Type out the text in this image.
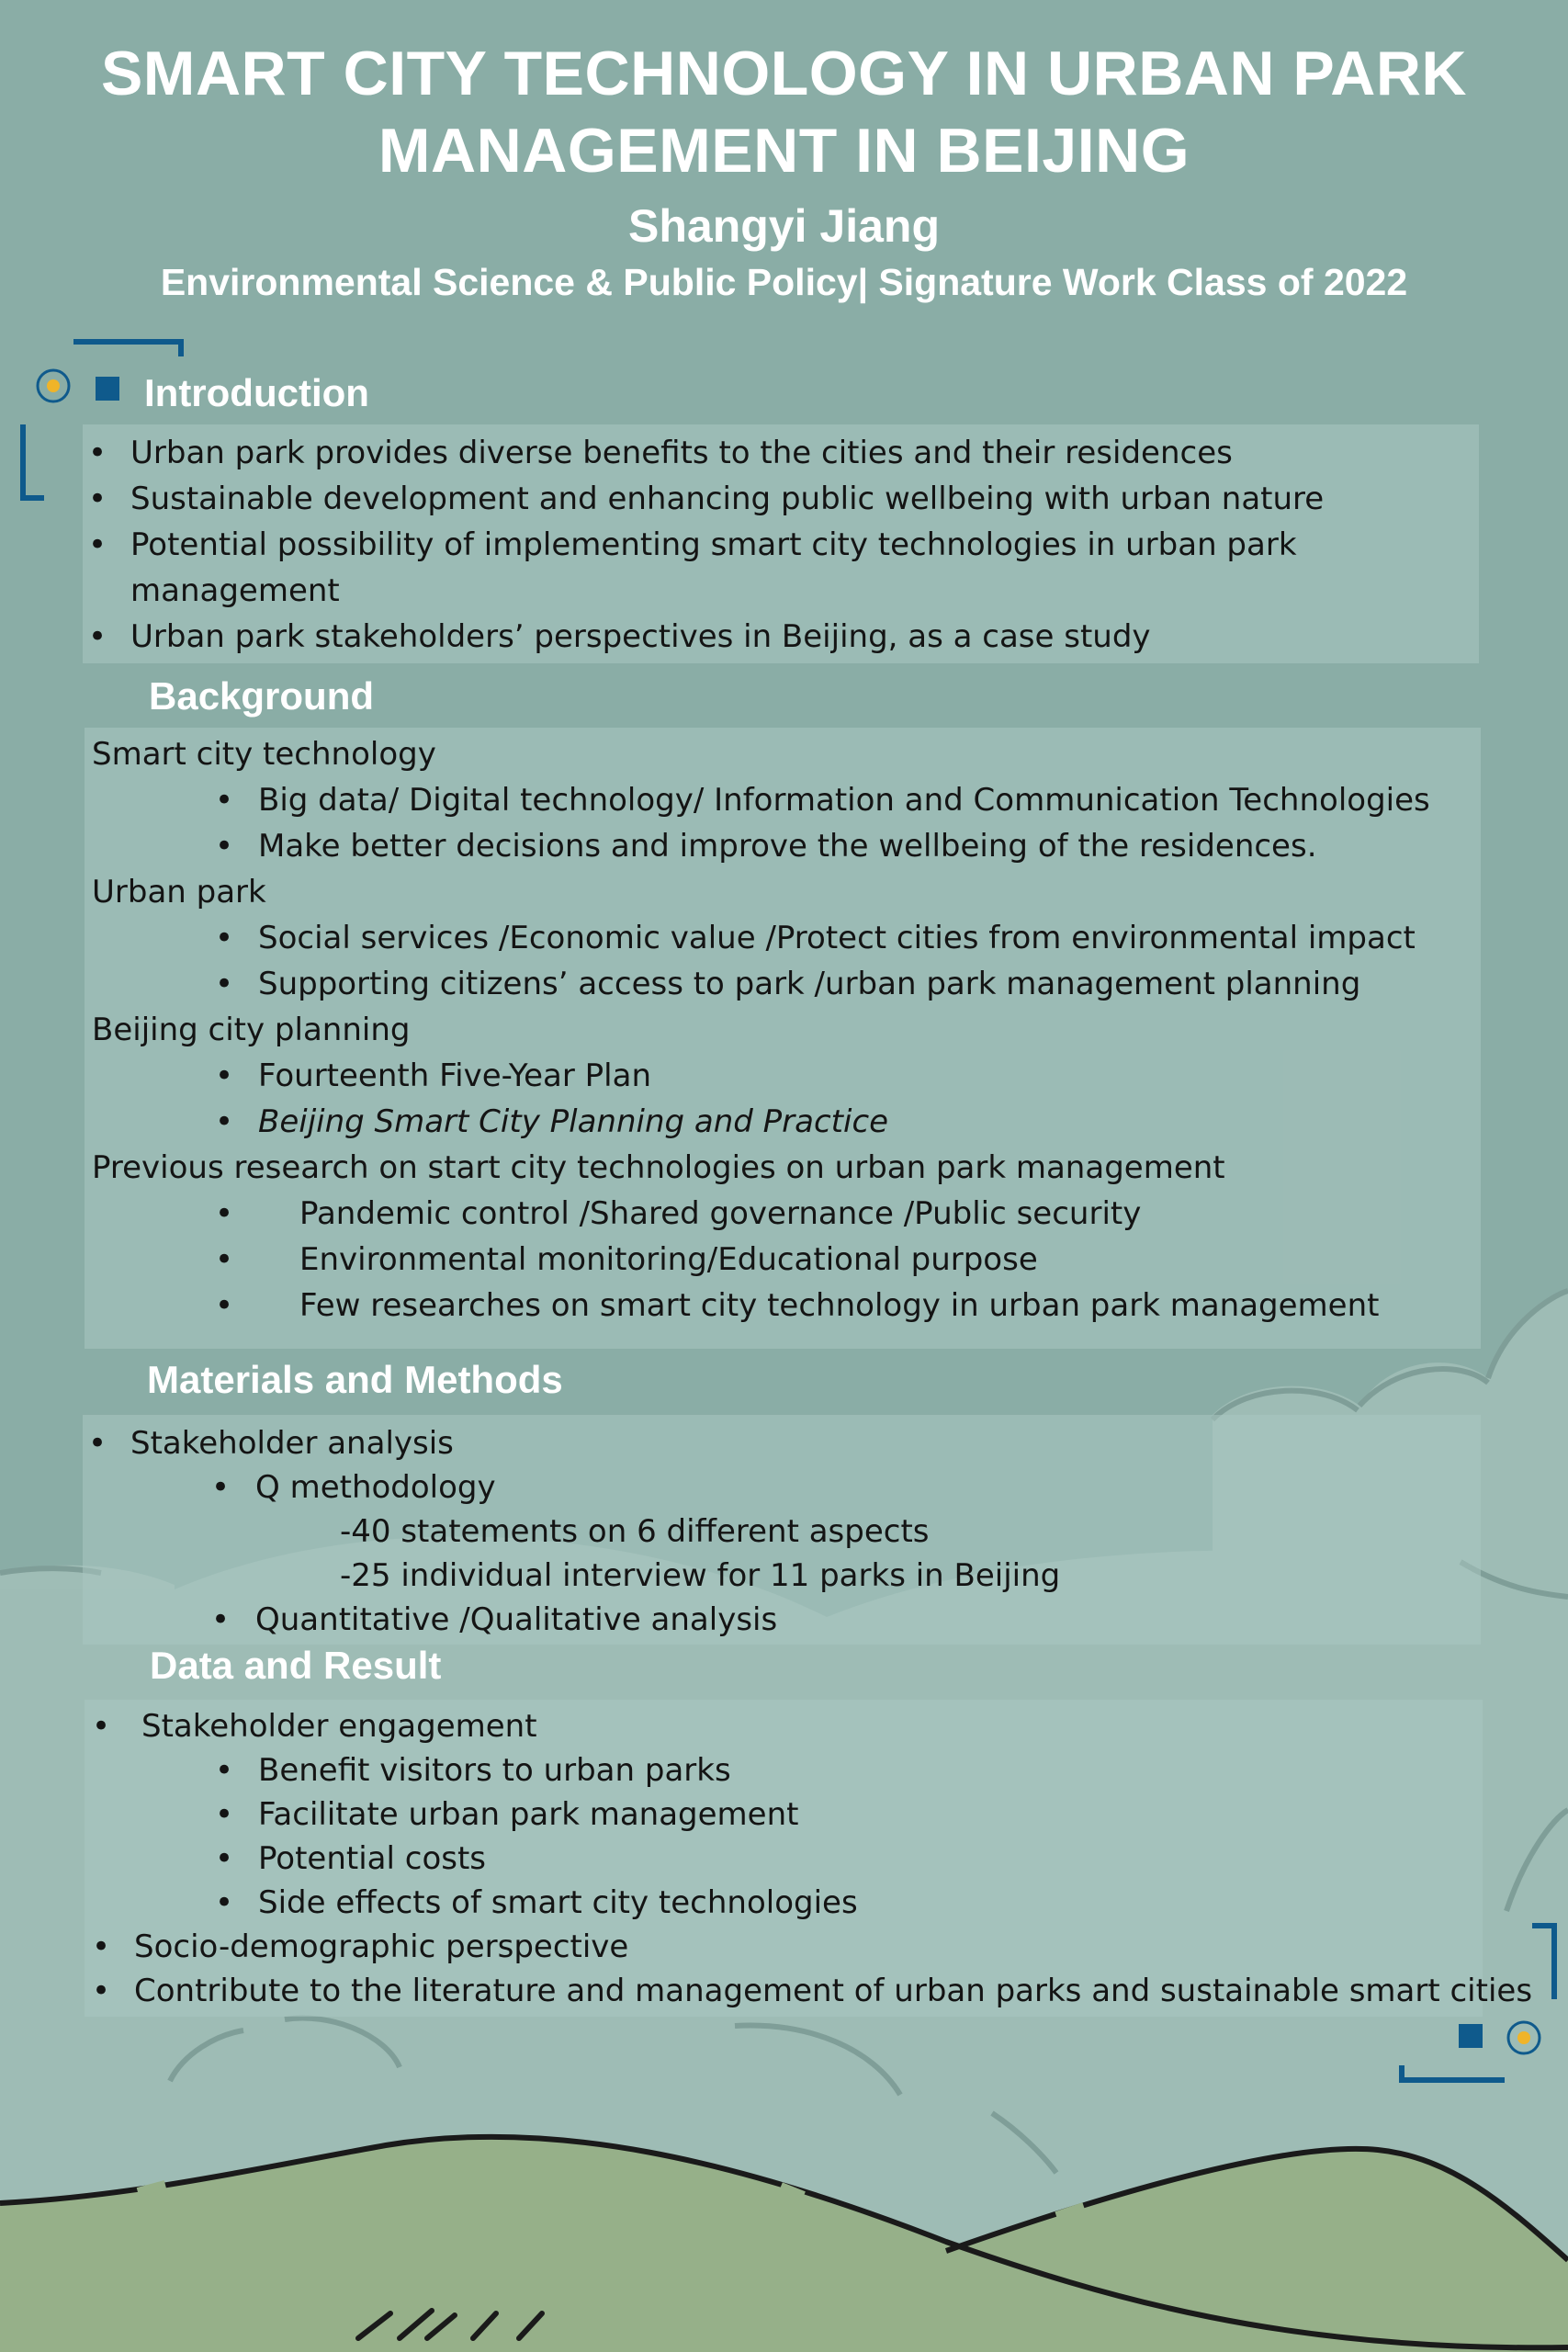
SMART CITY TECHNOLOGY IN URBAN PARK
MANAGEMENT IN BEIJING
Shangyi Jiang
Environmental Science & Public Policy| Signature Work Class of 2022
Introduction
• Urban park provides diverse benefits to the cities and their residences
• Sustainable development and enhancing public wellbeing with urban nature
• Potential possibility of implementing smart city technologies in urban park
management
• Urban park stakeholders’ perspectives in Beijing, as a case study
Background
Smart city technology
• Big data/ Digital technology/ Information and Communication Technologies
• Make better decisions and improve the wellbeing of the residences.
Urban park
• Social services /Economic value /Protect cities from environmental impact
• Supporting citizens’ access to park /urban park management planning
Beijing city planning
• Fourteenth Five-Year Plan
• Beijing Smart City Planning and Practice
Previous research on start city technologies on urban park management
• Pandemic control /Shared governance /Public security
• Environmental monitoring/Educational purpose
• Few researches on smart city technology in urban park management
Materials and Methods
• Stakeholder analysis
• Q methodology
-40 statements on 6 different aspects
-25 individual interview for 11 parks in Beijing
• Quantitative /Qualitative analysis
Data and Result
• Stakeholder engagement
• Benefit visitors to urban parks
• Facilitate urban park management
• Potential costs
• Side effects of smart city technologies
• Socio-demographic perspective
• Contribute to the literature and management of urban parks and sustainable smart cities
